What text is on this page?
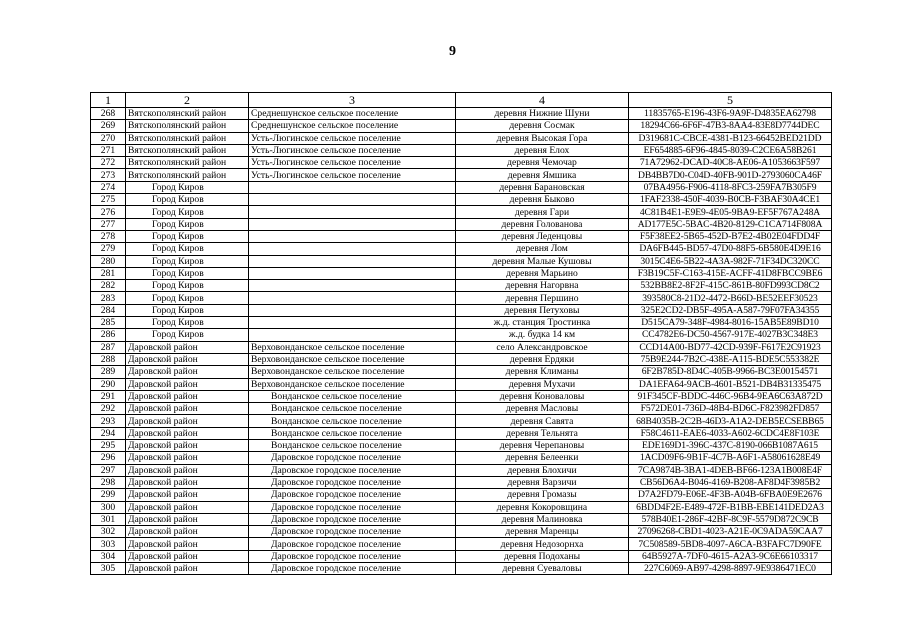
9
1	2	3	4	5
268	Вятскополянский район	Среднешунское сельское поселение	деревня Нижние Шуни	11835765-E196-43F6-9A9F-D4835EA62798
269	Вятскополянский район	Среднешунское сельское поселение	деревня Сосмак	18294C66-6F6F-47B3-8AA4-83E8D7744DEC
270	Вятскополянский район	Усть-Люгинское сельское поселение	деревня Высокая Гора	D319681C-CBCE-4381-B123-66452BED21DD
271	Вятскополянский район	Усть-Люгинское сельское поселение	деревня Елох	EF654885-6F96-4845-8039-C2CE6A58B261
272	Вятскополянский район	Усть-Люгинское сельское поселение	деревня Чемочар	71A72962-DCAD-40C8-AE06-A1053663F597
273	Вятскополянский район	Усть-Люгинское сельское поселение	деревня Ямшика	DB4BB7D0-C04D-40FB-901D-2793060CA46F
274	Город Киров		деревня Барановская	07BA4956-F906-4118-8FC3-259FA7B305F9
275	Город Киров		деревня Быково	1FAF2338-450F-4039-B0CB-F3BAF30A4CE1
276	Город Киров		деревня Гари	4C81B4E1-E9E9-4E05-9BA9-EF5F767A248A
277	Город Киров		деревня Голованова	AD177E5C-5BAC-4B20-8129-C1CA714F808A
278	Город Киров		деревня Леденцовы	F5F38EE2-5B65-452D-B7E2-4B02E04FDD4F
279	Город Киров		деревня Лом	DA6FB445-BD57-47D0-88F5-6B580E4D9E16
280	Город Киров		деревня Малые Кушовы	3015C4E6-5B22-4A3A-982F-71F34DC320CC
281	Город Киров		деревня Марьино	F3B19C5F-C163-415E-ACFF-41D8FBCC9BE6
282	Город Киров		деревня Нагорвна	532BB8E2-8F2F-415C-861B-80FD993CD8C2
283	Город Киров		деревня Першино	393580C8-21D2-4472-B66D-BE52EEF30523
284	Город Киров		деревня Петуховы	325E2CD2-DB5F-495A-A587-79F07FA34355
285	Город Киров		ж.д. станция Тростинка	D515CA79-348F-4984-8016-15AB5E89BD10
286	Город Киров		ж.д. будка 14 км	CC4782E6-DC50-4567-917E-4027B3C348E3
287	Даровской район	Верховонданское сельское поселение	село Александровское	CCD14A00-BD77-42CD-939F-F617E2C91923
288	Даровской район	Верховонданское сельское поселение	деревня Ердяки	75B9E244-7B2C-438E-A115-BDE5C553382E
289	Даровской район	Верховонданское сельское поселение	деревня Климаны	6F2B785D-8D4C-405B-9966-BC3E00154571
290	Даровской район	Верховонданское сельское поселение	деревня Мухачи	DA1EFA64-9ACB-4601-B521-DB4B31335475
291	Даровской район	Вонданское сельское поселение	деревня Коноваловы	91F345CF-BDDC-446C-96B4-9EA6C63A872D
292	Даровской район	Вонданское сельское поселение	деревня Масловы	F572DE01-736D-48B4-BD6C-F823982FD857
293	Даровской район	Вонданское сельское поселение	деревня Савята	68B4035B-2C2B-46D3-A1A2-DEB5ECSEBB65
294	Даровской район	Вонданское сельское поселение	деревня Тельнята	F58C4611-EAE6-4033-A602-6CDC4E8F103E
295	Даровской район	Вонданское сельское поселение	деревня Черепановы	EDE169D1-396C-437C-8190-066B1087A615
296	Даровской район	Даровское городское поселение	деревня Белеенки	1ACD09F6-9B1F-4C7B-A6F1-A58061628E49
297	Даровской район	Даровское городское поселение	деревня Блохичи	7CA9874B-3BA1-4DEB-BF66-123A1B008E4F
298	Даровской район	Даровское городское поселение	деревня Варзичи	CB56D6A4-B046-4169-B208-AF8D4F3985B2
299	Даровской район	Даровское городское поселение	деревня Громазы	D7A2FD79-E06E-4F3B-A04B-6FBA0E9E2676
300	Даровской район	Даровское городское поселение	деревня Кокоровщина	6BDD4F2E-E489-472F-B1BB-EBE141DED2A3
301	Даровской район	Даровское городское поселение	деревня Малиновка	578B40E1-286F-42BF-8C9F-5579D872C9CB
302	Даровской район	Даровское городское поселение	деревня Маренцы	27096268-CBD1-4023-A21E-0C9ADA59CAA7
303	Даровской район	Даровское городское поселение	деревня Недозорнха	7C508589-5BD8-4097-A6CA-B3FAFC7D90FE
304	Даровской район	Даровское городское поселение	деревня Подоханы	64B5927A-7DF0-4615-A2A3-9C6E66103317
305	Даровской район	Даровское городское поселение	деревня Суеваловы	227C6069-AB97-4298-8897-9E9386471EC0
